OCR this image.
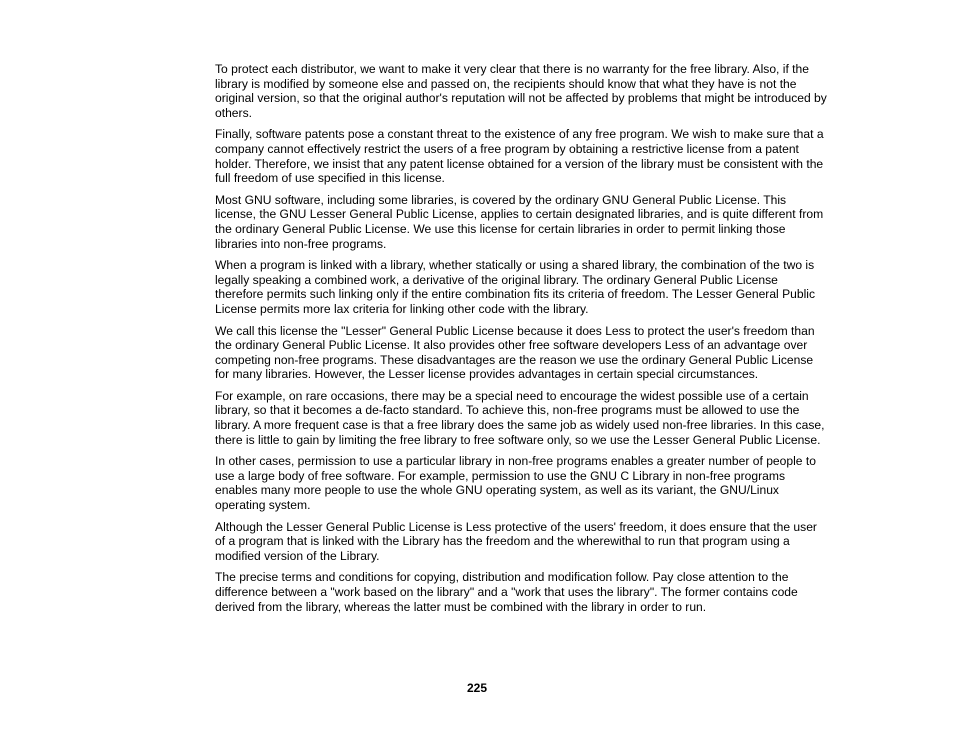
To protect each distributor, we want to make it very clear that there is no warranty for the free library. Also, if the library is modified by someone else and passed on, the recipients should know that what they have is not the original version, so that the original author's reputation will not be affected by problems that might be introduced by others.

Finally, software patents pose a constant threat to the existence of any free program. We wish to make sure that a company cannot effectively restrict the users of a free program by obtaining a restrictive license from a patent holder. Therefore, we insist that any patent license obtained for a version of the library must be consistent with the full freedom of use specified in this license.

Most GNU software, including some libraries, is covered by the ordinary GNU General Public License. This license, the GNU Lesser General Public License, applies to certain designated libraries, and is quite different from the ordinary General Public License. We use this license for certain libraries in order to permit linking those libraries into non-free programs.

When a program is linked with a library, whether statically or using a shared library, the combination of the two is legally speaking a combined work, a derivative of the original library. The ordinary General Public License therefore permits such linking only if the entire combination fits its criteria of freedom. The Lesser General Public License permits more lax criteria for linking other code with the library.

We call this license the "Lesser" General Public License because it does Less to protect the user's freedom than the ordinary General Public License. It also provides other free software developers Less of an advantage over competing non-free programs. These disadvantages are the reason we use the ordinary General Public License for many libraries. However, the Lesser license provides advantages in certain special circumstances.

For example, on rare occasions, there may be a special need to encourage the widest possible use of a certain library, so that it becomes a de-facto standard. To achieve this, non-free programs must be allowed to use the library. A more frequent case is that a free library does the same job as widely used non-free libraries. In this case, there is little to gain by limiting the free library to free software only, so we use the Lesser General Public License.

In other cases, permission to use a particular library in non-free programs enables a greater number of people to use a large body of free software. For example, permission to use the GNU C Library in non-free programs enables many more people to use the whole GNU operating system, as well as its variant, the GNU/Linux operating system.

Although the Lesser General Public License is Less protective of the users' freedom, it does ensure that the user of a program that is linked with the Library has the freedom and the wherewithal to run that program using a modified version of the Library.

The precise terms and conditions for copying, distribution and modification follow. Pay close attention to the difference between a "work based on the library" and a "work that uses the library". The former contains code derived from the library, whereas the latter must be combined with the library in order to run.

225
